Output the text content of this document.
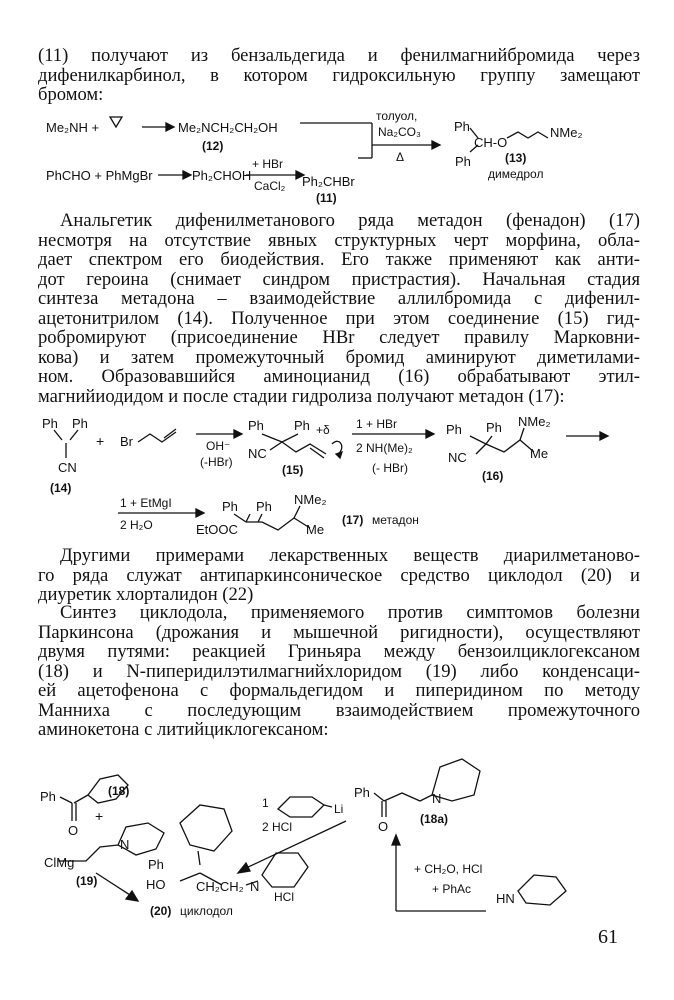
(11) получают из бензальдегида и фенилмагнийбромида через
дифенилкарбинол, в котором гидроксильную группу замещают
бромом:
Me₂NH +	Me₂NCH₂CH₂OH
(12)
толуол,
Na₂CO₃
Δ
Ph
CH-O
Ph
NMe₂
(13)
димедрол
PhCHO + PhMgBr	Ph₂CHOH
+ HBr
CaCl₂ Ph₂CHBr
(11)
Анальгетик дифенилметанового ряда метадон (фенадон) (17)
несмотря на отсутствие явных структурных черт морфина, обла-
дает спектром его биодействия. Его также применяют как анти-
дот героина (снимает синдром пристрастия). Начальная стадия
синтеза метадона – взаимодействие аллилбромида с дифенил-
ацетонитрилом (14). Полученное при этом соединение (15) гид-
робромируют (присоединение HBr следует правилу Марковни-
кова) и затем промежуточный бромид аминируют диметилами-
ном. Образовавшийся аминоцианид (16) обрабатывают этил-
магнийиодидом и после стадии гидролиза получают метадон (17):
Ph Ph
CN
(14)
+ Br	OH⁻
(-HBr)
Ph Ph
NC
+δ
(15)
1 + HBr
2 NH(Me)₂
(- HBr)
Ph Ph
NC
NMe₂
Me
(16)
1 + EtMgI
2 H₂O
Ph Ph
EtOOC
NMe₂
Me
(17) метадон
Другими примерами лекарственных веществ диарилметаново-
го ряда служат антипаркинсоническое средство циклодол (20) и
диуретик хлорталидон (22)
Синтез циклодола, применяемого против симптомов болезни
Паркинсона (дрожания и мышечной ригидности), осуществляют
двумя путями: реакцией Гриньяра между бензоилциклогексаном
(18) и N-пиперидилэтилмагнийхлоридом (19) либо конденсаци-
ей ацетофенона с формальдегидом и пиперидином по методу
Манниха с последующим взаимодействием промежуточного
аминокетона с литийциклогексаном:
Ph
O
(18)
+
ClMg
N
(19)
1	Li
2 HCl
Ph
O
N
(18a)
+ CH₂O, HCl
+ PhAc
HN
Ph
HO CH₂CH₂ N
HCl
(20) циклодол
61
